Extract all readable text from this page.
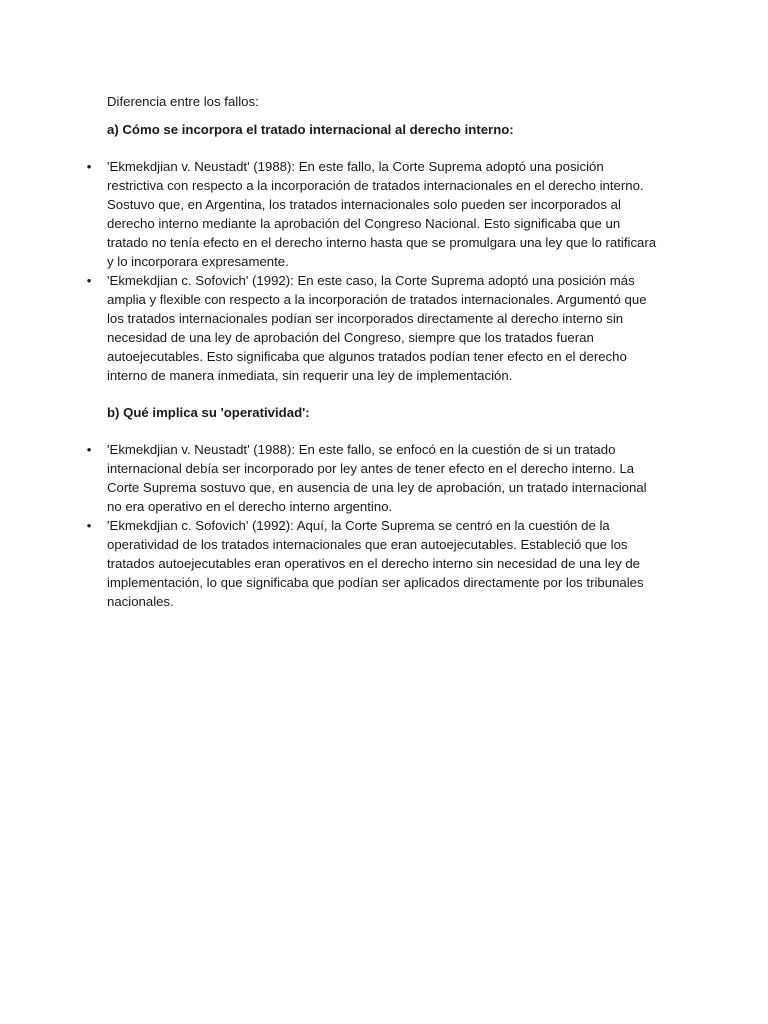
Diferencia entre los fallos:

a) Cómo se incorpora el tratado internacional al derecho interno:

• 'Ekmekdjian v. Neustadt' (1988): En este fallo, la Corte Suprema adoptó una posición restrictiva con respecto a la incorporación de tratados internacionales en el derecho interno. Sostuvo que, en Argentina, los tratados internacionales solo pueden ser incorporados al derecho interno mediante la aprobación del Congreso Nacional. Esto significaba que un tratado no tenía efecto en el derecho interno hasta que se promulgara una ley que lo ratificara y lo incorporara expresamente.
• 'Ekmekdjian c. Sofovich' (1992): En este caso, la Corte Suprema adoptó una posición más amplia y flexible con respecto a la incorporación de tratados internacionales. Argumentó que los tratados internacionales podían ser incorporados directamente al derecho interno sin necesidad de una ley de aprobación del Congreso, siempre que los tratados fueran autoejecutables. Esto significaba que algunos tratados podían tener efecto en el derecho interno de manera inmediata, sin requerir una ley de implementación.

b) Qué implica su 'operatividad':

• 'Ekmekdjian v. Neustadt' (1988): En este fallo, se enfocó en la cuestión de si un tratado internacional debía ser incorporado por ley antes de tener efecto en el derecho interno. La Corte Suprema sostuvo que, en ausencia de una ley de aprobación, un tratado internacional no era operativo en el derecho interno argentino.
• 'Ekmekdjian c. Sofovich' (1992): Aquí, la Corte Suprema se centró en la cuestión de la operatividad de los tratados internacionales que eran autoejecutables. Estableció que los tratados autoejecutables eran operativos en el derecho interno sin necesidad de una ley de implementación, lo que significaba que podían ser aplicados directamente por los tribunales nacionales.
